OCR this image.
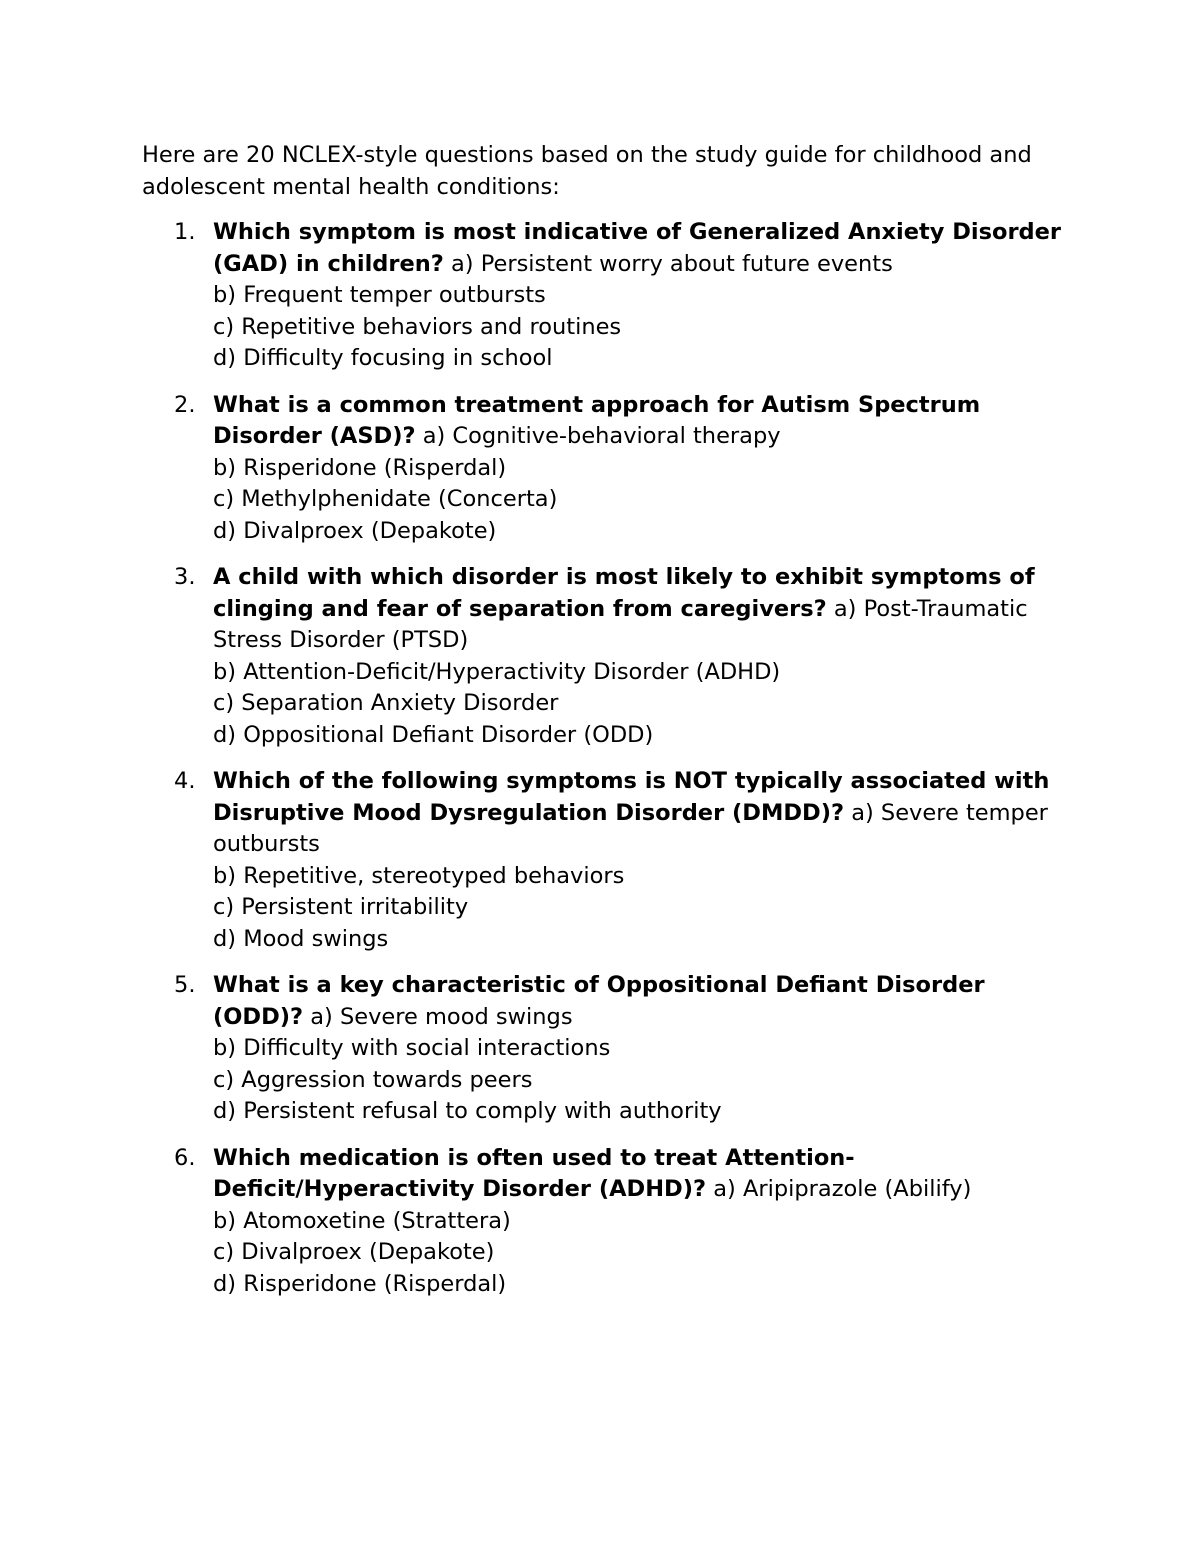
Here are 20 NCLEX-style questions based on the study guide for childhood and adolescent mental health conditions:

1. Which symptom is most indicative of Generalized Anxiety Disorder (GAD) in children? a) Persistent worry about future events
b) Frequent temper outbursts
c) Repetitive behaviors and routines
d) Difficulty focusing in school
2. What is a common treatment approach for Autism Spectrum Disorder (ASD)? a) Cognitive-behavioral therapy
b) Risperidone (Risperdal)
c) Methylphenidate (Concerta)
d) Divalproex (Depakote)
3. A child with which disorder is most likely to exhibit symptoms of clinging and fear of separation from caregivers? a) Post-Traumatic Stress Disorder (PTSD)
b) Attention-Deficit/Hyperactivity Disorder (ADHD)
c) Separation Anxiety Disorder
d) Oppositional Defiant Disorder (ODD)
4. Which of the following symptoms is NOT typically associated with Disruptive Mood Dysregulation Disorder (DMDD)? a) Severe temper outbursts
b) Repetitive, stereotyped behaviors
c) Persistent irritability
d) Mood swings
5. What is a key characteristic of Oppositional Defiant Disorder (ODD)? a) Severe mood swings
b) Difficulty with social interactions
c) Aggression towards peers
d) Persistent refusal to comply with authority
6. Which medication is often used to treat Attention-Deficit/Hyperactivity Disorder (ADHD)? a) Aripiprazole (Abilify)
b) Atomoxetine (Strattera)
c) Divalproex (Depakote)
d) Risperidone (Risperdal)
